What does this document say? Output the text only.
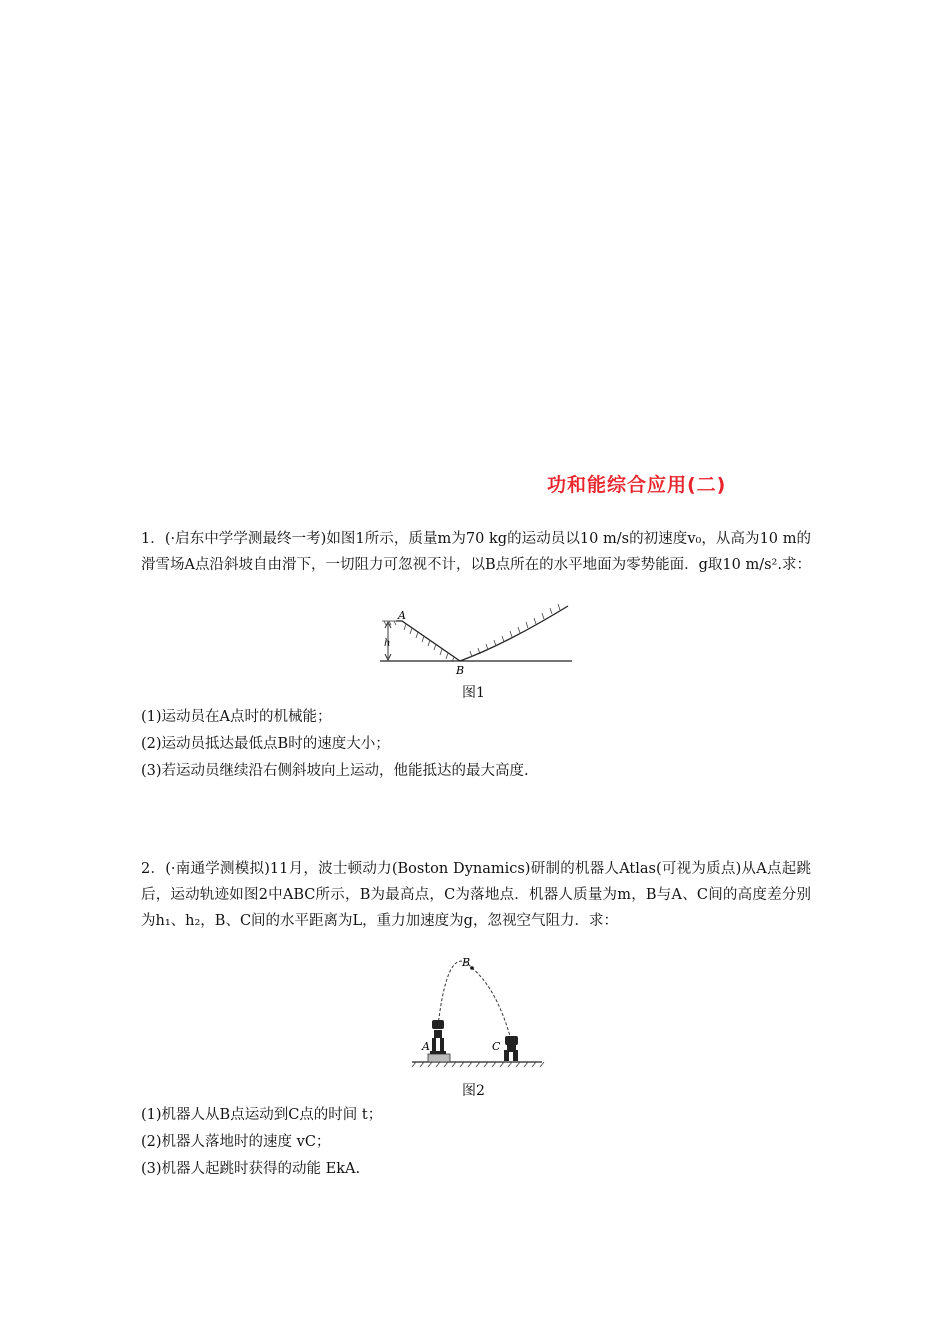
功和能综合应用(二)
1．(·启东中学学测最终一考)如图1所示，质量m为70 kg的运动员以10 m/s的初速度v₀，从高为10 m的滑雪场A点沿斜坡自由滑下，一切阻力可忽视不计，以B点所在的水平地面为零势能面．g取10 m/s².求：
A
h
B
图1
(1)运动员在A点时的机械能；
(2)运动员抵达最低点B时的速度大小；
(3)若运动员继续沿右侧斜坡向上运动，他能抵达的最大高度.
2．(·南通学测模拟)11月，波士顿动力(Boston Dynamics)研制的机器人Atlas(可视为质点)从A点起跳后，运动轨迹如图2中ABC所示，B为最高点，C为落地点．机器人质量为m，B与A、C间的高度差分别为h₁、h₂，B、C间的水平距离为L，重力加速度为g，忽视空气阻力．求：
A
B
C
图2
(1)机器人从B点运动到C点的时间 t；
(2)机器人落地时的速度 vC；
(3)机器人起跳时获得的动能 EkA.
